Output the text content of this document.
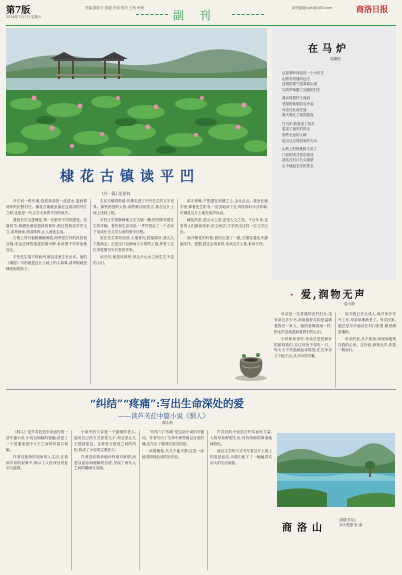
第7版
2018年7月7日 星期六
责编 陈屹宇 组版 冯伟 校对 王科 审校
副 刊
副刊邮箱:slrb@163.com	商洛日报
棣花古镇读平凹
(外一篇) 范建林

丹江河一路东流,悠悠荡荡的一泓清水,滋润着两岸的田野村庄。棣花古镇就坐落在这清清的丹江之畔,这里是一代文学大家贾平凹的故乡。

我曾多次走进棣花,每一次都有不同的感受。初夏时节,荷塘里满是碧绿的荷叶,粉红的荷花亭亭玉立,清风徐来,荷香阵阵,让人流连忘返。

古街上青石板路蜿蜒伸展,两旁是古朴的民居和店铺,宋金边城的遗迹依稀可辨,诉说着千年的沧桑变迁。

平凹先生笔下的商州,就从这里生长出来。他的《秦腔》写的就是这片土地上的人和事,清风街就是棣花街的影子。

走在古镇的街巷,仿佛走进了平凹先生的文字世界。那些熟悉的人物,那些鲜活的语言,都在这片土地上找到了根。

平凹文学馆静静地立在古镇一隅,馆内陈列着先生的手稿、著作和生活用品,一件件见证了一个农家子弟成长为文学大家的艰辛历程。

站在先生的故居前,土墙青瓦,院落简朴,我久久不愿离去。正是这片贫瘠而又丰厚的土地,养育了这位用笔墨书写乡愁的作家。

读平凹,就是读商州,读这片山水之间生生不息的人们。

那天傍晚,夕阳洒在荷塘之上,金光点点。我坐在廊亭里,捧着先生的书,一页页地读下去,风吹荷叶沙沙作响,仿佛是这片土地在低声诉说。

棣花的美,是山水之美,更是人文之美。千百年来,这里的人们耕读传家,崇文尚学,才孕育出这样一位文学巨匠。

离开棣花的时候,我回头望了一眼,古镇在暮色中静谧安详。我想,我还会再来的,来读这片土地,来读平凹。

在马炉
周鹏程
这是秦岭深处的一个小村庄
山路弯弯通向远方
清晨的雾气笼罩着山梁
鸟鸣声唤醒了沉睡的村庄
溪水绕着村子流淌
老屋的炊烟袅袅升起
母亲在灶前忙碌
柴火映红了她的脸庞
在马炉,我看见了故乡
看见了童年的时光
那些走远的人啊
是否还记得回家的方向
山坡上的核桃树又高了
门前的老井依旧清凉
我站在村口久久凝望
心中涌起无尽的思念
· 爱,润物无声
周小静

母亲是一位普通的农村妇女,没有读过多少书,却用她朴实的爱温暖着我们一家人。她的爱像春雨一样,悄无声息地滋润着我们的心田。

小时候家里穷,母亲总是把最好的留给我们,自己却舍不得吃一口。每天天不亮她就起床做饭,忙完家务又下地干活,从不叫苦叫累。

如今我已长大成人,离开家乡在外工作,母亲却渐渐老了。每次回家,她总是早早地站在村口张望,眼里满是期盼。

母亲的爱,从不张扬,却深深地刻在我的心里。这份爱,润物无声,伴我一路前行。

“纠结”“疼痛”:写出生命深处的爱
——读芦芙荭中篇小说《驯人》
谭永利

《驯人》是芦芙荭近年来创作的一部中篇小说,小说以细腻的笔触,讲述了一个普通家庭中父子之间的纠葛与和解。

作者以独特的视角切入生活,在看似平常的叙事中,揭示了人性深处的复杂与温情。

小说中的父亲是一个倔强的老人,他用自己的方式爱着儿子,却总是让儿子感到窒息。这种爱与被爱之间的纠结,构成了小说的主要张力。

作者没有简单地评判谁对谁错,而是以宽容和理解的态度,呈现了两代人之间的隔阂与沟通。

“纠结”与“疼痛”是这部小说的关键词。作者写出了生命中那些难以言说的痛,也写出了痛背后深沉的爱。

读罢掩卷,久久不能平静,这是一部值得细细品读的好作品。

芦芙荭的小说语言朴实而有力量,人物形象鲜明生动,具有浓郁的商洛地域特色。

他以文学的方式书写着这片土地上的喜怒哀乐,为我们留下了一幅幅真实动人的生活画卷。

商洛山
(摄影作品)
刘永强摄 张 嘉
